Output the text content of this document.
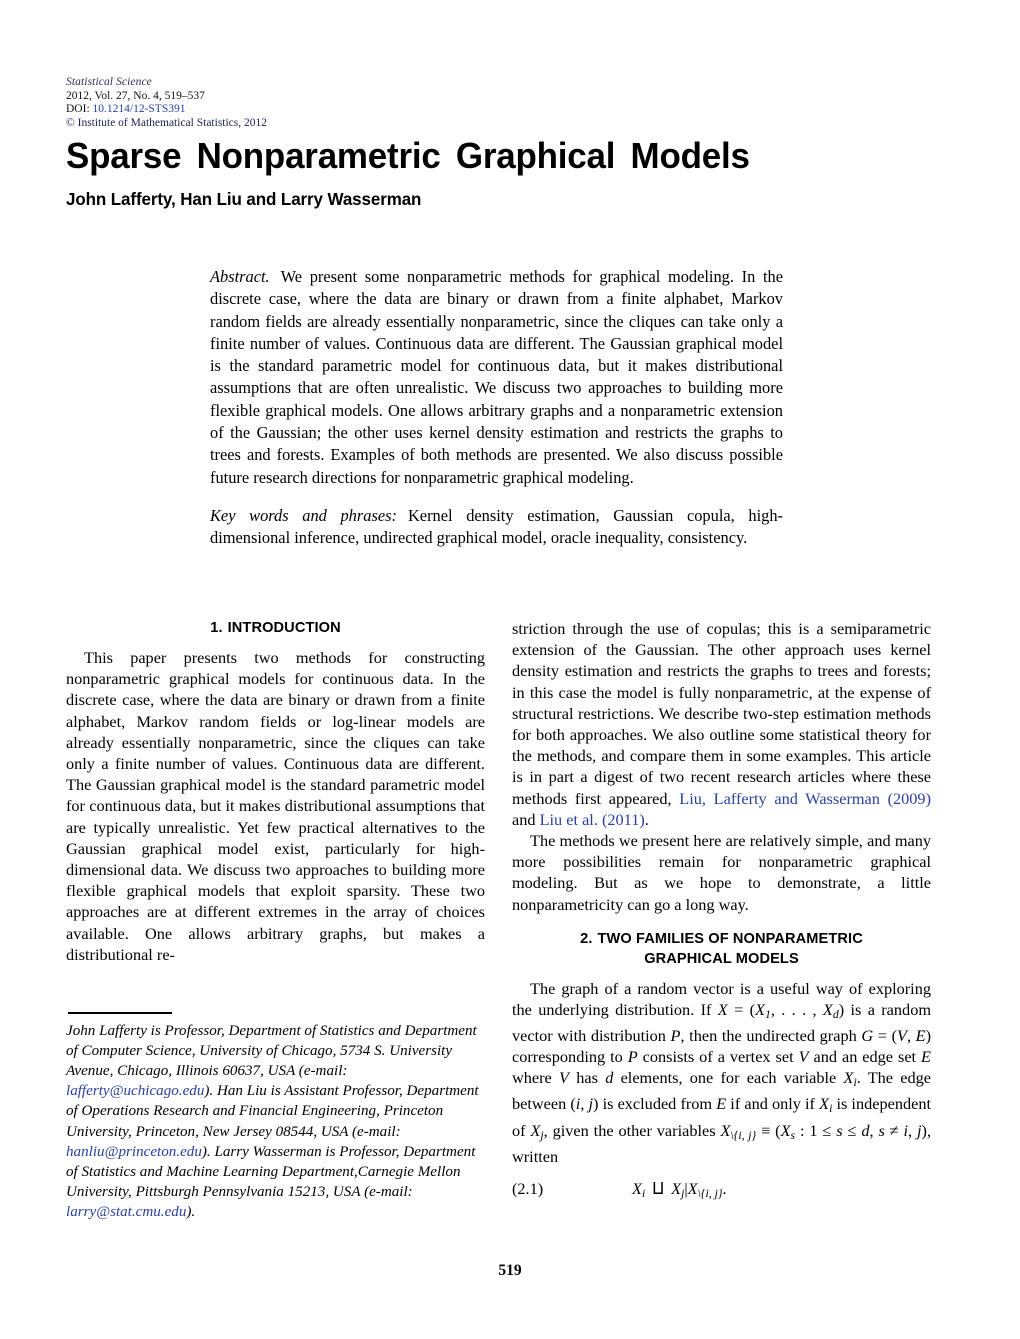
Statistical Science
2012, Vol. 27, No. 4, 519–537
DOI: 10.1214/12-STS391
© Institute of Mathematical Statistics, 2012
Sparse Nonparametric Graphical Models
John Lafferty, Han Liu and Larry Wasserman

Abstract. We present some nonparametric methods for graphical modeling. In the discrete case, where the data are binary or drawn from a finite alphabet, Markov random fields are already essentially nonparametric, since the cliques can take only a finite number of values. Continuous data are different. The Gaussian graphical model is the standard parametric model for continuous data, but it makes distributional assumptions that are often unrealistic. We discuss two approaches to building more flexible graphical models. One allows arbitrary graphs and a nonparametric extension of the Gaussian; the other uses kernel density estimation and restricts the graphs to trees and forests. Examples of both methods are presented. We also discuss possible future research directions for nonparametric graphical modeling.

Key words and phrases: Kernel density estimation, Gaussian copula, high-dimensional inference, undirected graphical model, oracle inequality, consistency.

1. INTRODUCTION

This paper presents two methods for constructing nonparametric graphical models for continuous data. In the discrete case, where the data are binary or drawn from a finite alphabet, Markov random fields or log-linear models are already essentially nonparametric, since the cliques can take only a finite number of values. Continuous data are different. The Gaussian graphical model is the standard parametric model for continuous data, but it makes distributional assumptions that are typically unrealistic. Yet few practical alternatives to the Gaussian graphical model exist, particularly for high-dimensional data. We discuss two approaches to building more flexible graphical models that exploit sparsity. These two approaches are at different extremes in the array of choices available. One allows arbitrary graphs, but makes a distributional re-

striction through the use of copulas; this is a semiparametric extension of the Gaussian. The other approach uses kernel density estimation and restricts the graphs to trees and forests; in this case the model is fully nonparametric, at the expense of structural restrictions. We describe two-step estimation methods for both approaches. We also outline some statistical theory for the methods, and compare them in some examples. This article is in part a digest of two recent research articles where these methods first appeared, Liu, Lafferty and Wasserman (2009) and Liu et al. (2011).

The methods we present here are relatively simple, and many more possibilities remain for nonparametric graphical modeling. But as we hope to demonstrate, a little nonparametricity can go a long way.

2. TWO FAMILIES OF NONPARAMETRIC
GRAPHICAL MODELS

The graph of a random vector is a useful way of exploring the underlying distribution. If X = (X1, . . . , Xd) is a random vector with distribution P, then the undirected graph G = (V, E) corresponding to P consists of a vertex set V and an edge set E where V has d elements, one for each variable Xi. The edge between (i, j) is excluded from E if and only if Xi is independent of Xj, given the other variables X\{i, j} ≡ (Xs : 1 ≤ s ≤ d, s ≠ i, j), written

(2.1)	Xi ⨿ Xj|X\{i, j}.

John Lafferty is Professor, Department of Statistics and Department of Computer Science, University of Chicago, 5734 S. University Avenue, Chicago, Illinois 60637, USA (e-mail: lafferty@uchicago.edu). Han Liu is Assistant Professor, Department of Operations Research and Financial Engineering, Princeton University, Princeton, New Jersey 08544, USA (e-mail: hanliu@princeton.edu). Larry Wasserman is Professor, Department of Statistics and Machine Learning Department,Carnegie Mellon University, Pittsburgh Pennsylvania 15213, USA (e-mail: larry@stat.cmu.edu).

519
